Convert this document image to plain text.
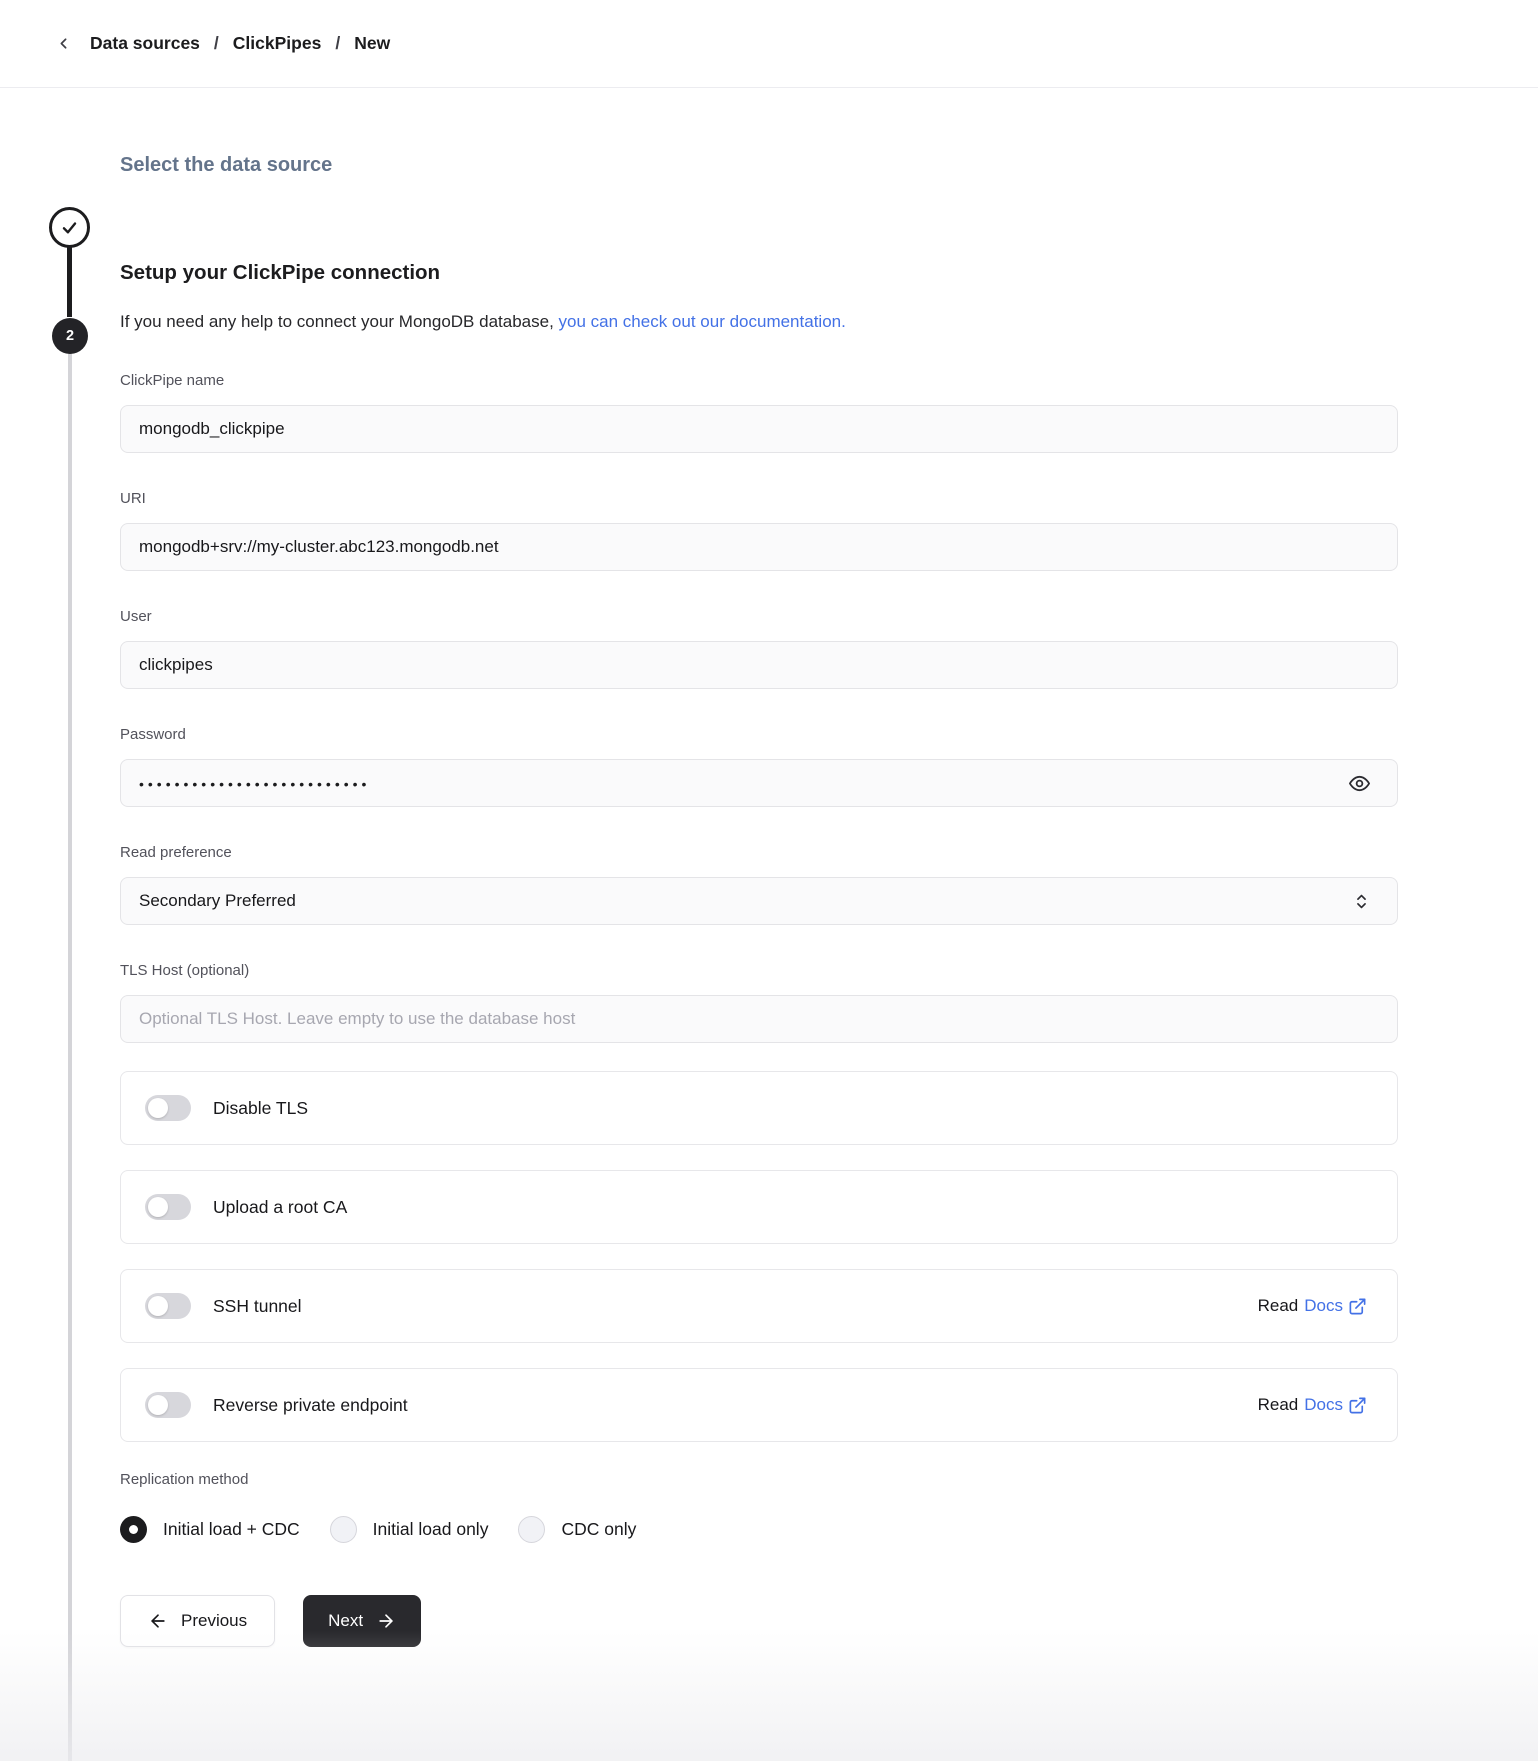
Data sources / ClickPipes / New
2
Select the data source
Setup your ClickPipe connection

If you need any help to connect your MongoDB database, you can check out our documentation.

ClickPipe name
mongodb_clickpipe
URI
mongodb+srv://my-cluster.abc123.mongodb.net
User
clickpipes
Password
••••••••••••••••••••••••••
Read preference
Secondary Preferred
TLS Host (optional)
Optional TLS Host. Leave empty to use the database host
Disable TLS
Upload a root CA
SSH tunnel	Read Docs
Reverse private endpoint	Read Docs
Replication method
Initial load + CDC	Initial load only	CDC only
Previous	Next
